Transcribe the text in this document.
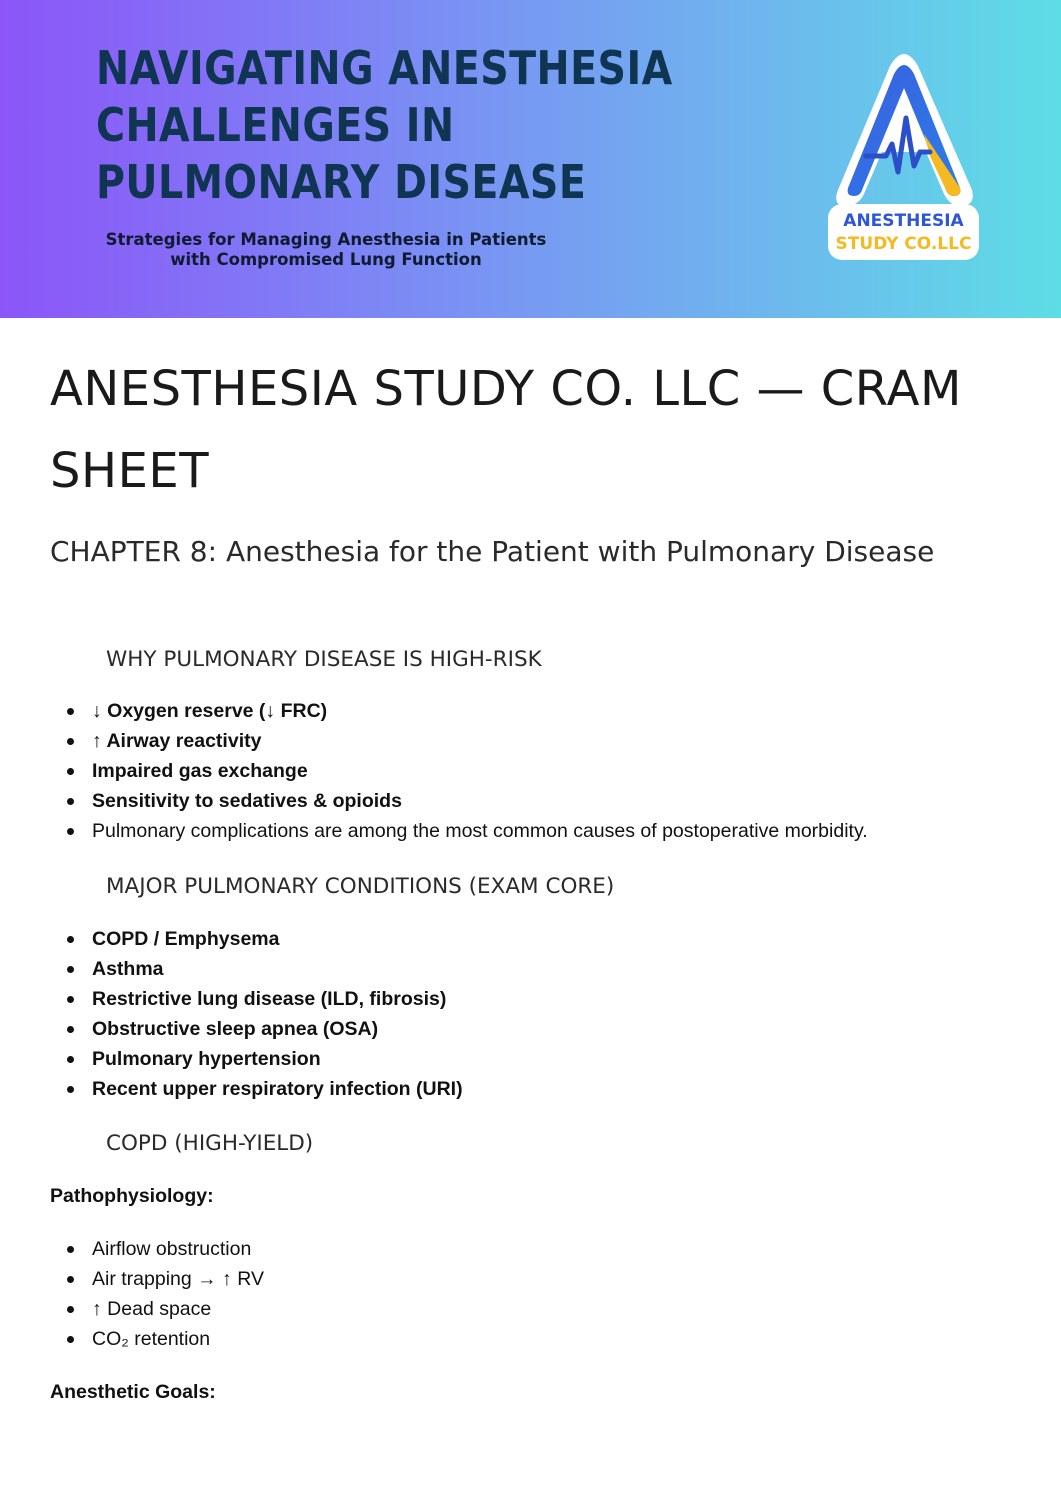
NAVIGATING ANESTHESIA CHALLENGES IN PULMONARY DISEASE

Strategies for Managing Anesthesia in Patients with Compromised Lung Function

ANESTHESIA
STUDY CO.LLC
ANESTHESIA STUDY CO. LLC — CRAM SHEET
CHAPTER 8: Anesthesia for the Patient with Pulmonary Disease
WHY PULMONARY DISEASE IS HIGH-RISK
↓ Oxygen reserve (↓ FRC)
↑ Airway reactivity
Impaired gas exchange
Sensitivity to sedatives & opioids
Pulmonary complications are among the most common causes of postoperative morbidity.
MAJOR PULMONARY CONDITIONS (EXAM CORE)
COPD / Emphysema
Asthma
Restrictive lung disease (ILD, fibrosis)
Obstructive sleep apnea (OSA)
Pulmonary hypertension
Recent upper respiratory infection (URI)
COPD (HIGH-YIELD)

Pathophysiology:

Airflow obstruction
Air trapping → ↑ RV
↑ Dead space
CO₂ retention

Anesthetic Goals:
